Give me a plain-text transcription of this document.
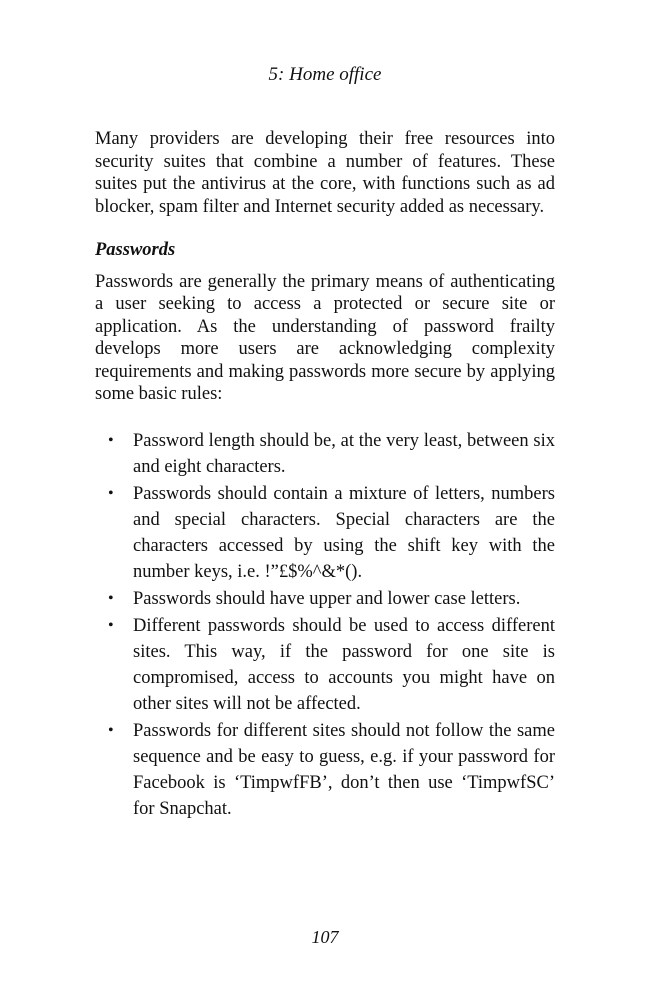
5: Home office

Many providers are developing their free resources into security suites that combine a number of features. These suites put the antivirus at the core, with functions such as ad blocker, spam filter and Internet security added as necessary.

Passwords

Passwords are generally the primary means of authenticating a user seeking to access a protected or secure site or application. As the understanding of password frailty develops more users are acknowledging complexity requirements and making passwords more secure by applying some basic rules:

• Password length should be, at the very least, between six and eight characters.
• Passwords should contain a mixture of letters, numbers and special characters. Special characters are the characters accessed by using the shift key with the number keys, i.e. !”£$%^&*().
• Passwords should have upper and lower case letters.
• Different passwords should be used to access different sites. This way, if the password for one site is compromised, access to accounts you might have on other sites will not be affected.
• Passwords for different sites should not follow the same sequence and be easy to guess, e.g. if your password for Facebook is ‘TimpwfFB’, don’t then use ‘TimpwfSC’ for Snapchat.
107
